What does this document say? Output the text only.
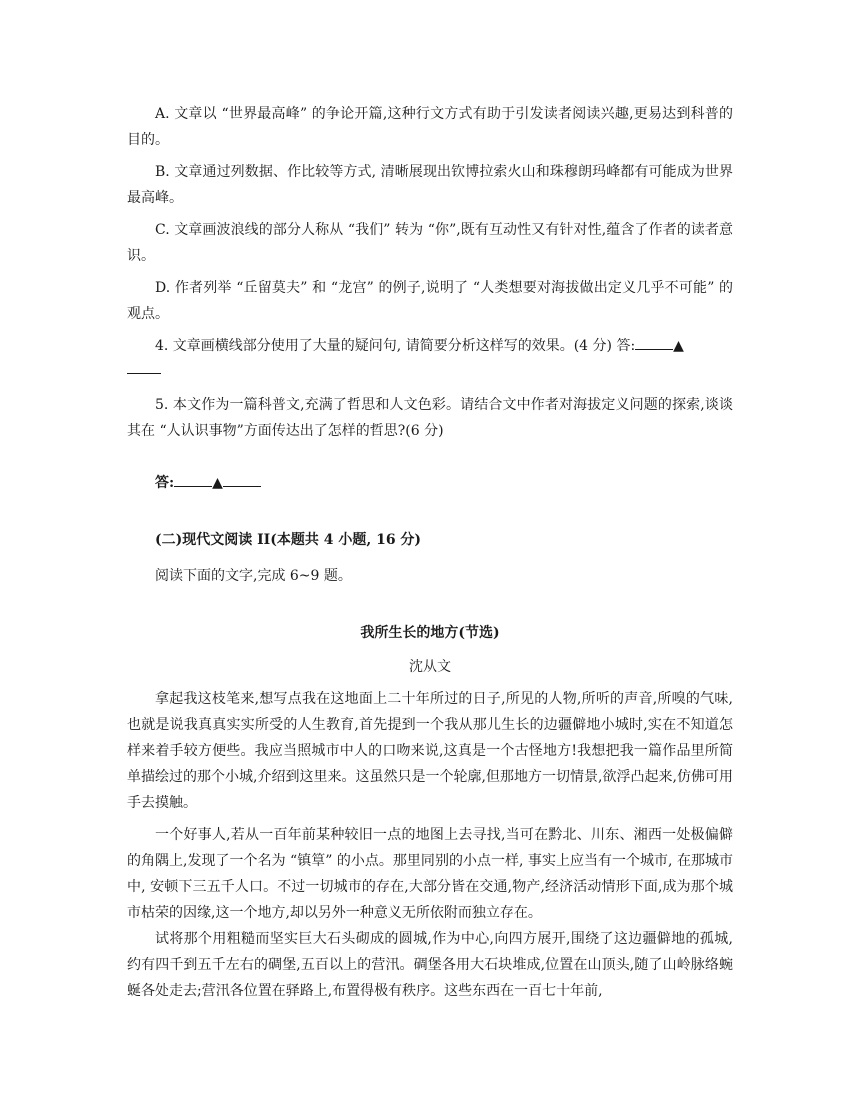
A. 文章以 “世界最高峰” 的争论开篇,这种行文方式有助于引发读者阅读兴趣,更易达到科普的目的。

B. 文章通过列数据、作比较等方式, 清晰展现出钦博拉索火山和珠穆朗玛峰都有可能成为世界最高峰。

C. 文章画波浪线的部分人称从 “我们” 转为 “你”,既有互动性又有针对性,蕴含了作者的读者意识。

D. 作者列举 “丘留莫夫” 和 “龙宫” 的例子,说明了 “人类想要对海拔做出定义几乎不可能” 的观点。

4. 文章画横线部分使用了大量的疑问句, 请简要分析这样写的效果。(4 分) 答:	▲

5. 本文作为一篇科普文,充满了哲思和人文色彩。请结合文中作者对海拔定义问题的探索,谈谈其在 “人认识事物”方面传达出了怎样的哲思?(6 分)

答:	▲

(二)现代文阅读 II(本题共 4 小题, 16 分)

阅读下面的文字,完成 6~9 题。

我所生长的地方(节选)

沈从文

拿起我这枝笔来,想写点我在这地面上二十年所过的日子,所见的人物,所听的声音,所嗅的气味, 也就是说我真真实实所受的人生教育,首先提到一个我从那儿生长的边疆僻地小城时,实在不知道怎样来着手较方便些。我应当照城市中人的口吻来说,这真是一个古怪地方!我想把我一篇作品里所简单描绘过的那个小城,介绍到这里来。这虽然只是一个轮廓,但那地方一切情景,欲浮凸起来,仿佛可用手去摸触。

一个好事人,若从一百年前某种较旧一点的地图上去寻找,当可在黔北、川东、湘西一处极偏僻的角隅上,发现了一个名为 “镇筸” 的小点。那里同别的小点一样, 事实上应当有一个城市, 在那城市中, 安顿下三五千人口。不过一切城市的存在,大部分皆在交通,物产,经济活动情形下面,成为那个城市枯荣的因缘,这一个地方,却以另外一种意义无所依附而独立存在。

试将那个用粗糙而坚实巨大石头砌成的圆城,作为中心,向四方展开,围绕了这边疆僻地的孤城, 约有四千到五千左右的碉堡,五百以上的营汛。碉堡各用大石块堆成,位置在山顶头,随了山岭脉络蜿蜒各处走去;营汛各位置在驿路上,布置得极有秩序。这些东西在一百七十年前,
